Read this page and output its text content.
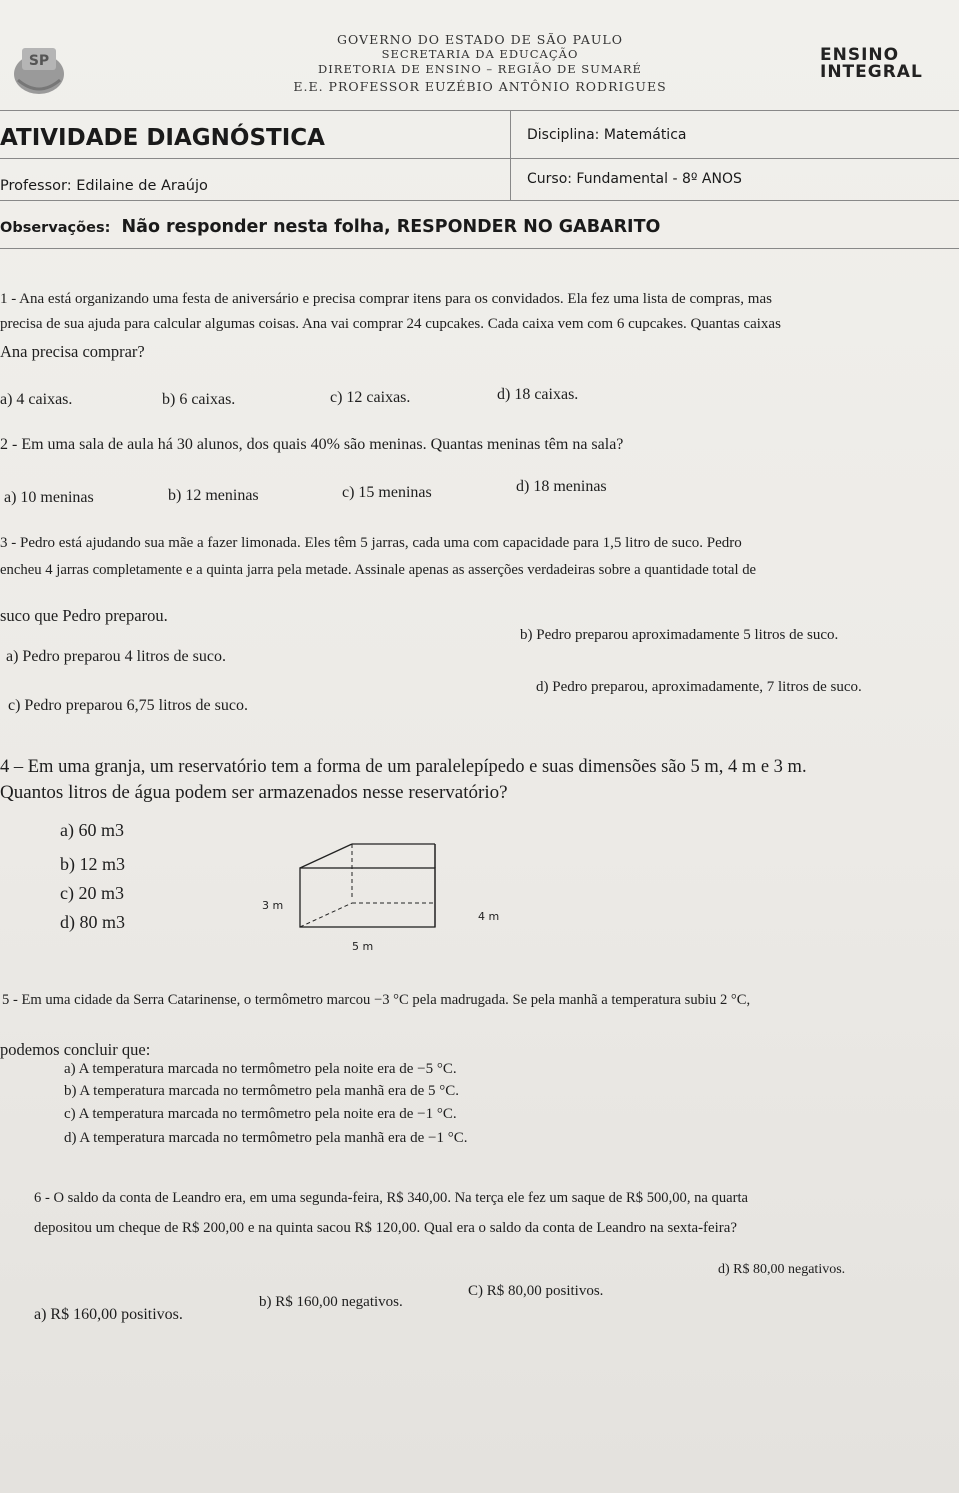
SP
GOVERNO DO ESTADO DE SÃO PAULO
SECRETARIA DA EDUCAÇÃO
DIRETORIA DE ENSINO – REGIÃO DE SUMARÉ
E.E. PROFESSOR EUZÉBIO ANTÔNIO RODRIGUES
ENSINO
INTEGRAL
ATIVIDADE DIAGNÓSTICA	Disciplina: Matemática
Professor: Edilaine de Araújo	Curso: Fundamental - 8º ANOS
Observações: Não responder nesta folha, RESPONDER NO GABARITO
1 - Ana está organizando uma festa de aniversário e precisa comprar itens para os convidados. Ela fez uma lista de compras, mas
precisa de sua ajuda para calcular algumas coisas. Ana vai comprar 24 cupcakes. Cada caixa vem com 6 cupcakes. Quantas caixas
Ana precisa comprar?
a) 4 caixas.	b) 6 caixas.	c) 12 caixas.	d) 18 caixas.
2 - Em uma sala de aula há 30 alunos, dos quais 40% são meninas. Quantas meninas têm na sala?
a) 10 meninas	b) 12 meninas	c) 15 meninas	d) 18 meninas
3 - Pedro está ajudando sua mãe a fazer limonada. Eles têm 5 jarras, cada uma com capacidade para 1,5 litro de suco. Pedro
encheu 4 jarras completamente e a quinta jarra pela metade. Assinale apenas as asserções verdadeiras sobre a quantidade total de
suco que Pedro preparou.
a) Pedro preparou 4 litros de suco.
b) Pedro preparou aproximadamente 5 litros de suco.
c) Pedro preparou 6,75 litros de suco.
d) Pedro preparou, aproximadamente, 7 litros de suco.
4 – Em uma granja, um reservatório tem a forma de um paralelepípedo e suas dimensões são 5 m, 4 m e 3 m.
Quantos litros de água podem ser armazenados nesse reservatório?
a) 60 m3
b) 12 m3
c) 20 m3
d) 80 m3
3 m
4 m
5 m
5 - Em uma cidade da Serra Catarinense, o termômetro marcou −3 °C pela madrugada. Se pela manhã a temperatura subiu 2 °C,
podemos concluir que:
a) A temperatura marcada no termômetro pela noite era de −5 °C.
b) A temperatura marcada no termômetro pela manhã era de 5 °C.
c) A temperatura marcada no termômetro pela noite era de −1 °C.
d) A temperatura marcada no termômetro pela manhã era de −1 °C.
6 - O saldo da conta de Leandro era, em uma segunda-feira, R$ 340,00. Na terça ele fez um saque de R$ 500,00, na quarta
depositou um cheque de R$ 200,00 e na quinta sacou R$ 120,00. Qual era o saldo da conta de Leandro na sexta-feira?
a) R$ 160,00 positivos.
b) R$ 160,00 negativos.
C) R$ 80,00 positivos.
d) R$ 80,00 negativos.
